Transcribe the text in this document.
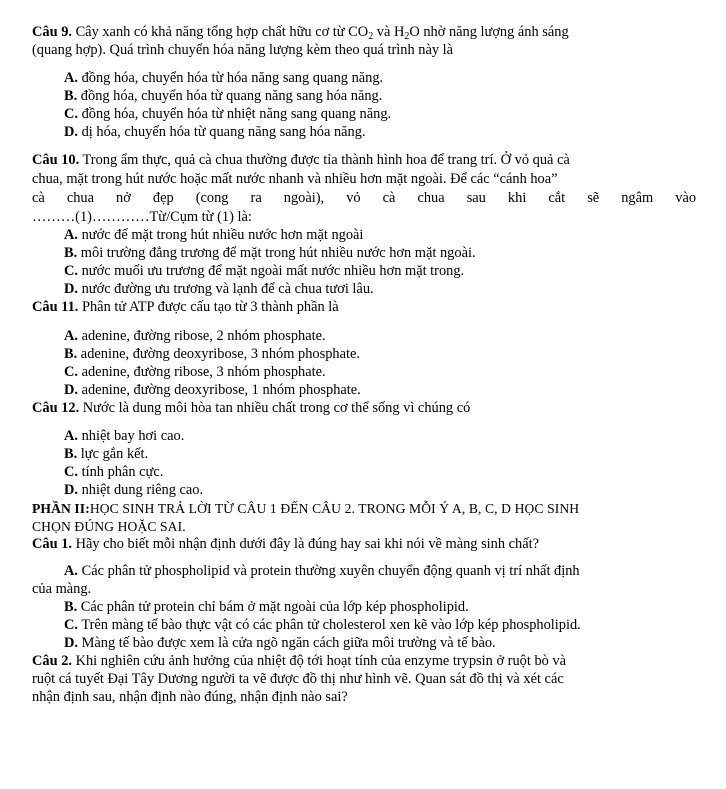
Câu 9. Cây xanh có khả năng tổng hợp chất hữu cơ từ $CO_2$ và $H_2O$ nhờ năng lượng ánh sáng
(quang hợp). Quá trình chuyển hóa năng lượng kèm theo quá trình này là
A. đồng hóa, chuyển hóa từ hóa năng sang quang năng.
B. đồng hóa, chuyển hóa từ quang năng sang hóa năng.
C. đồng hóa, chuyển hóa từ nhiệt năng sang quang năng.
D. dị hóa, chuyển hóa từ quang năng sang hóa năng.
Câu 10. Trong ẩm thực, quả cà chua thường được tỉa thành hình hoa để trang trí. Ở vỏ quả cà
chua, mặt trong hút nước hoặc mất nước nhanh và nhiều hơn mặt ngoài. Để các “cánh hoa”
cà chua nở đẹp (cong ra ngoài), vỏ cà chua sau khi cắt sẽ ngâm vào
………(1)…………Từ/Cụm từ (1) là:
A. nước để mặt trong hút nhiều nước hơn mặt ngoài
B. môi trường đẳng trương để mặt trong hút nhiều nước hơn mặt ngoài.
C. nước muối ưu trương để mặt ngoài mất nước nhiều hơn mặt trong.
D. nước đường ưu trương và lạnh để cà chua tươi lâu.
Câu 11. Phân tử ATP được cấu tạo từ 3 thành phần là
A. adenine, đường ribose, 2 nhóm phosphate.
B. adenine, đường deoxyribose, 3 nhóm phosphate.
C. adenine, đường ribose, 3 nhóm phosphate.
D. adenine, đường deoxyribose, 1 nhóm phosphate.
Câu 12. Nước là dung môi hòa tan nhiều chất trong cơ thể sống vì chúng có
A. nhiệt bay hơi cao.
B. lực gắn kết.
C. tính phân cực.
D. nhiệt dung riêng cao.
PHẦN II:HỌC SINH TRẢ LỜI TỪ CÂU 1 ĐẾN CÂU 2. TRONG MỖI Ý A, B, C, D HỌC SINH
CHỌN ĐÚNG HOẶC SAI.
Câu 1. Hãy cho biết mỗi nhận định dưới đây là đúng hay sai khi nói về màng sinh chất?
A. Các phân tử phospholipid và protein thường xuyên chuyển động quanh vị trí nhất định
của màng.
B. Các phân tử protein chỉ bám ở mặt ngoài của lớp kép phospholipid.
C. Trên màng tế bào thực vật có các phân tử cholesterol xen kẽ vào lớp kép phospholipid.
D. Màng tế bào được xem là cửa ngõ ngăn cách giữa môi trường và tế bào.
Câu 2. Khi nghiên cứu ảnh hưởng của nhiệt độ tới hoạt tính của enzyme trypsin ở ruột bò và
ruột cá tuyết Đại Tây Dương người ta vẽ được đồ thị như hình vẽ. Quan sát đồ thị và xét các
nhận định sau, nhận định nào đúng, nhận định nào sai?
